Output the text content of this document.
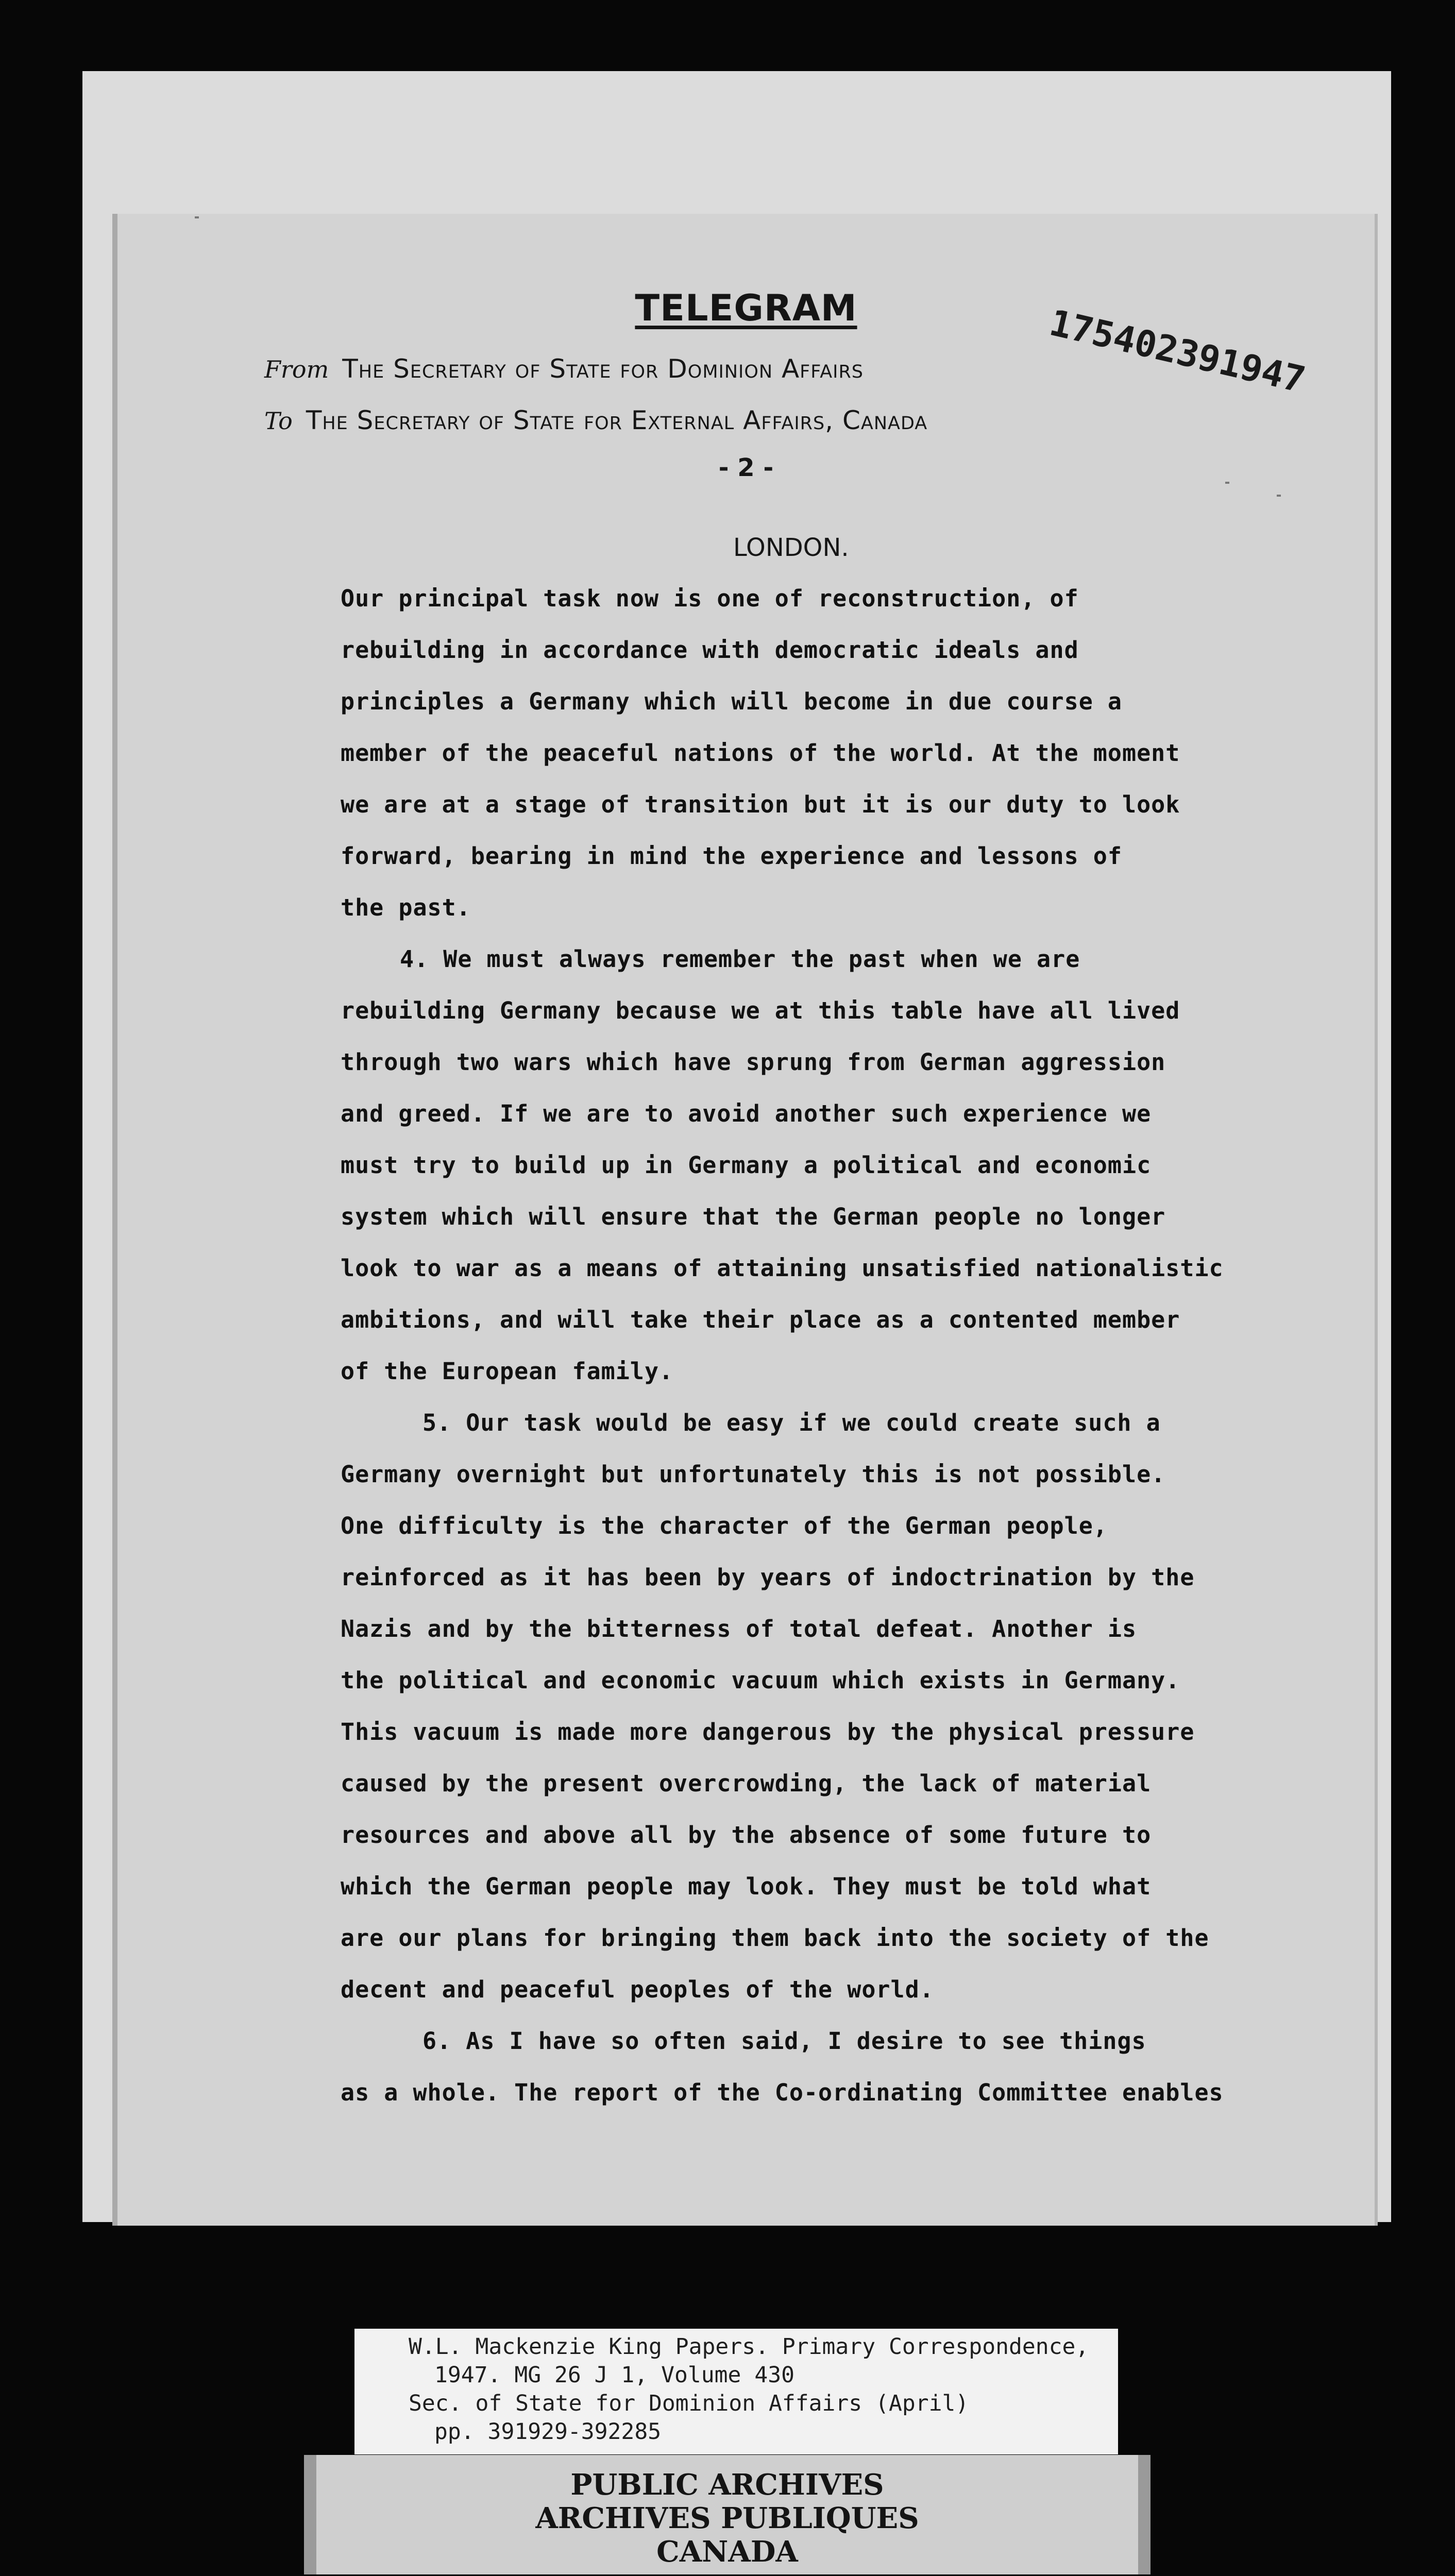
TELEGRAM	175402391947
From The Secretary of State for Dominion Affairs
To The Secretary of State for External Affairs, Canada
- 2 -
LONDON.
Our principal task now is one of reconstruction, of
rebuilding in accordance with democratic ideals and
principles a Germany which will become in due course a
member of the peaceful nations of the world. At the moment
we are at a stage of transition but it is our duty to look
forward, bearing in mind the experience and lessons of
the past.
4. We must always remember the past when we are
rebuilding Germany because we at this table have all lived
through two wars which have sprung from German aggression
and greed. If we are to avoid another such experience we
must try to build up in Germany a political and economic
system which will ensure that the German people no longer
look to war as a means of attaining unsatisfied nationalistic
ambitions, and will take their place as a contented member
of the European family.
5. Our task would be easy if we could create such a
Germany overnight but unfortunately this is not possible.
One difficulty is the character of the German people,
reinforced as it has been by years of indoctrination by the
Nazis and by the bitterness of total defeat. Another is
the political and economic vacuum which exists in Germany.
This vacuum is made more dangerous by the physical pressure
caused by the present overcrowding, the lack of material
resources and above all by the absence of some future to
which the German people may look. They must be told what
are our plans for bringing them back into the society of the
decent and peaceful peoples of the world.
6. As I have so often said, I desire to see things
as a whole. The report of the Co-ordinating Committee enables
W.L. Mackenzie King Papers. Primary Correspondence,
1947. MG 26 J 1, Volume 430
Sec. of State for Dominion Affairs (April)
pp. 391929-392285
PUBLIC ARCHIVES
ARCHIVES PUBLIQUES
CANADA
